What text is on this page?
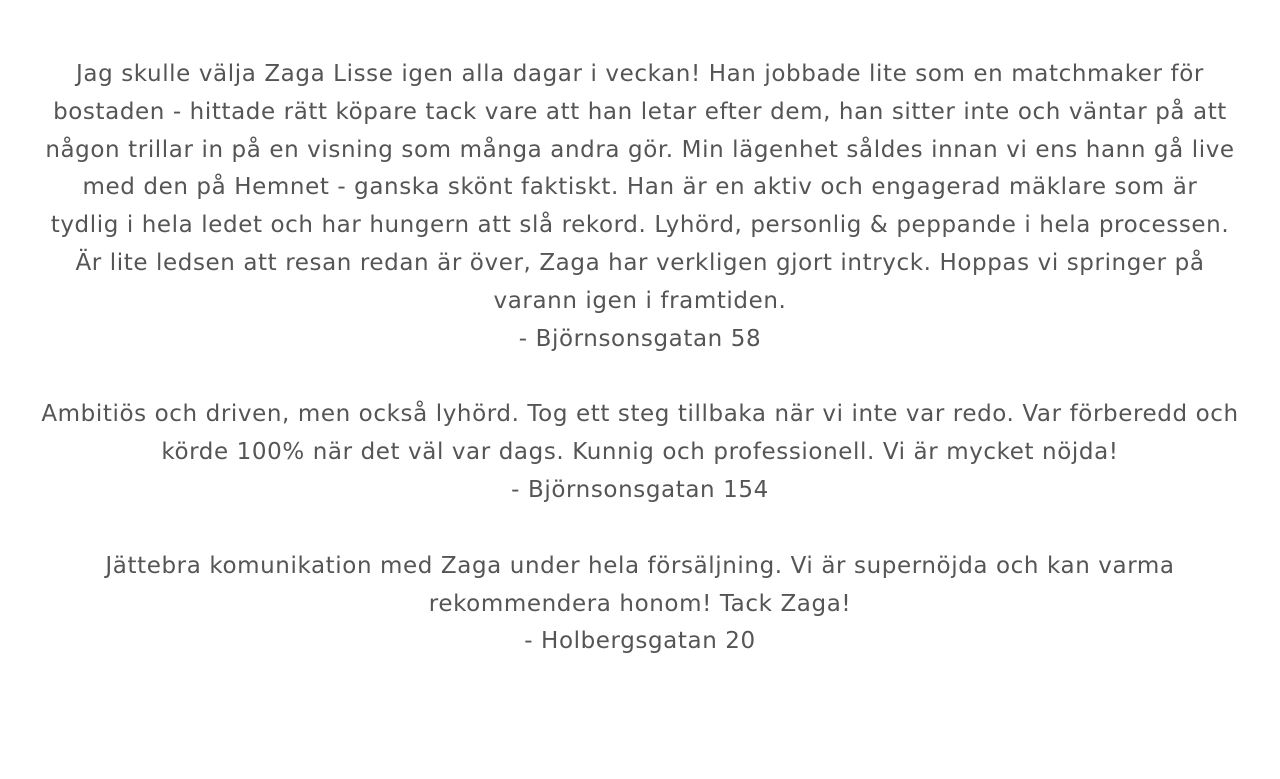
Jag skulle välja Zaga Lisse igen alla dagar i veckan! Han jobbade lite som en matchmaker för bostaden - hittade rätt köpare tack vare att han letar efter dem, han sitter inte och väntar på att någon trillar in på en visning som många andra gör. Min lägenhet såldes innan vi ens hann gå live med den på Hemnet - ganska skönt faktiskt. Han är en aktiv och engagerad mäklare som är tydlig i hela ledet och har hungern att slå rekord. Lyhörd, personlig & peppande i hela processen. Är lite ledsen att resan redan är över, Zaga har verkligen gjort intryck. Hoppas vi springer på varann igen i framtiden.
- Björnsonsgatan 58
Ambitiös och driven, men också lyhörd. Tog ett steg tillbaka när vi inte var redo. Var förberedd och körde 100% när det väl var dags. Kunnig och professionell. Vi är mycket nöjda!
- Björnsonsgatan 154
Jättebra komunikation med Zaga under hela försäljning. Vi är supernöjda och kan varma rekommendera honom! Tack Zaga!
- Holbergsgatan 20
